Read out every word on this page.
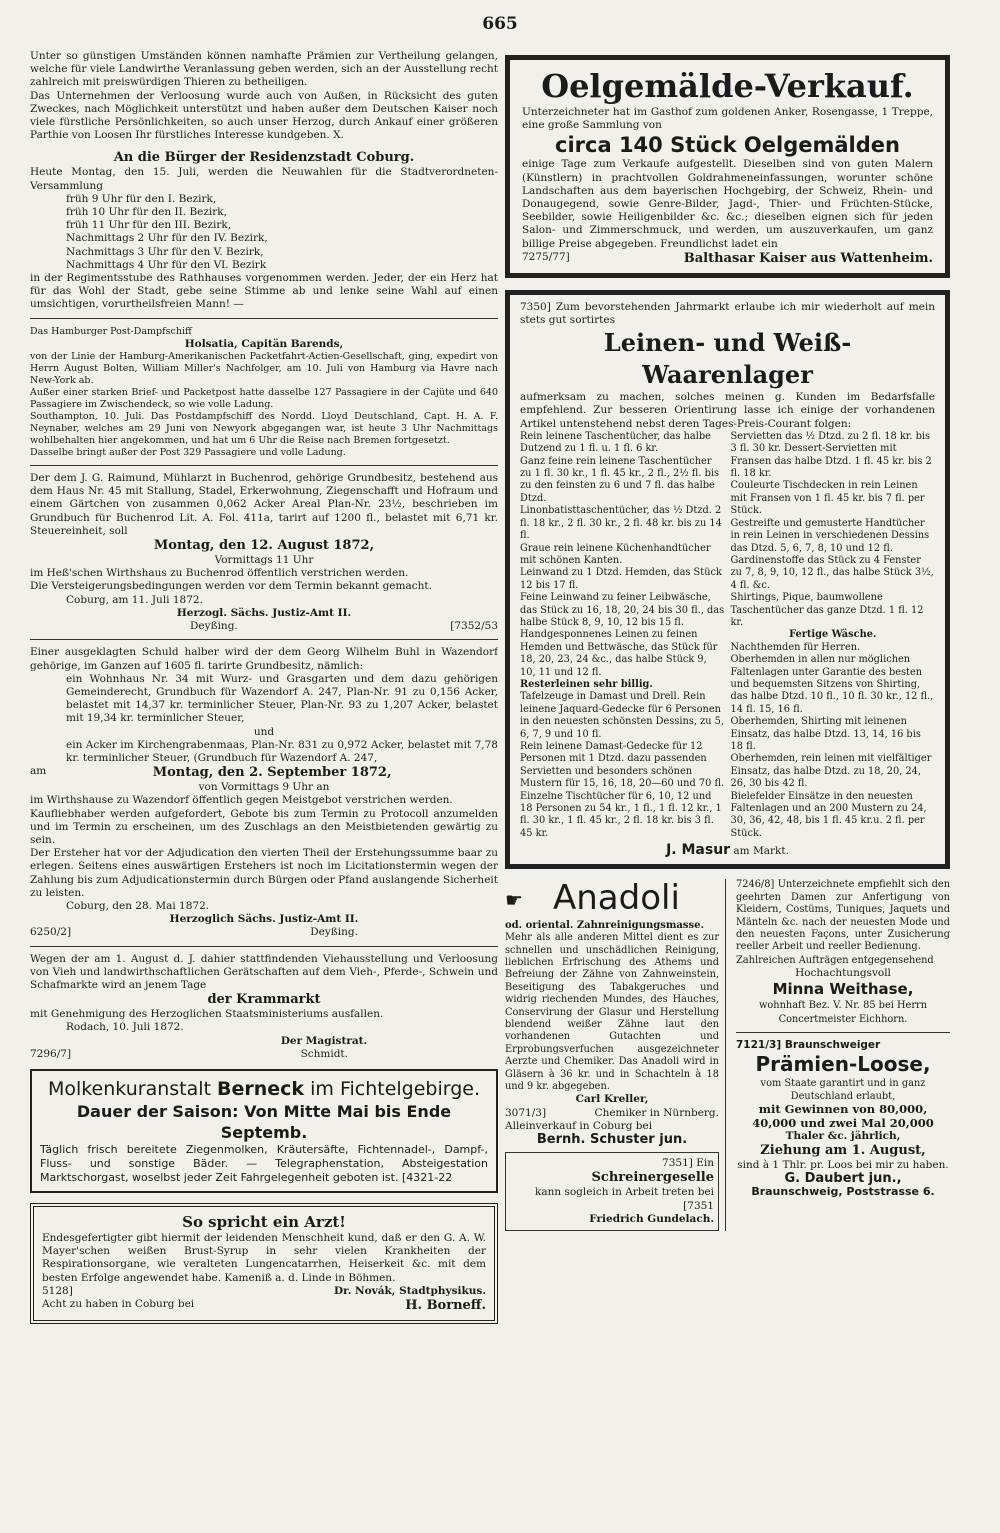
665

Unter so günstigen Umständen können namhafte Prämien zur Vertheilung gelangen, welche für viele Landwirthe Veranlassung geben werden, sich an der Ausstellung recht zahlreich mit preiswürdigen Thieren zu betheiligen.

Das Unternehmen der Verloosung wurde auch von Außen, in Rücksicht des guten Zweckes, nach Möglichkeit unterstützt und haben außer dem Deutschen Kaiser noch viele fürstliche Persönlichkeiten, so auch unser Herzog, durch Ankauf einer größeren Parthie von Loosen Ihr fürstliches Interesse kundgeben. X.

An die Bürger der Residenzstadt Coburg.

Heute Montag, den 15. Juli, werden die Neuwahlen für die Stadtverordneten-Versammlung

früh 9 Uhr für den I. Bezirk,

früh 10 Uhr für den II. Bezirk,

früh 11 Uhr für den III. Bezirk,

Nachmittags 2 Uhr für den IV. Bezirk,

Nachmittags 3 Uhr für den V. Bezirk,

Nachmittags 4 Uhr für den VI. Bezirk

in der Regimentsstube des Rathhauses vorgenommen werden. Jeder, der ein Herz hat für das Wohl der Stadt, gebe seine Stimme ab und lenke seine Wahl auf einen umsichtigen, vorurtheilsfreien Mann! —

Das Hamburger Post-Dampfschiff

Holsatia, Capitän Barends,

von der Linie der Hamburg-Amerikanischen Packetfahrt-Actien-Gesellschaft, ging, expedirt von Herrn August Bolten, William Miller's Nachfolger, am 10. Juli von Hamburg via Havre nach New-York ab.

Außer einer starken Brief- und Packetpost hatte dasselbe 127 Passagiere in der Cajüte und 640 Passagiere im Zwischendeck, so wie volle Ladung.

Southampton, 10. Juli. Das Postdampfschiff des Nordd. Lloyd Deutschland, Capt. H. A. F. Neynaber, welches am 29 Juni von Newyork abgegangen war, ist heute 3 Uhr Nachmittags wohlbehalten hier angekommen, und hat um 6 Uhr die Reise nach Bremen fortgesetzt.

Dasselbe bringt außer der Post 329 Passagiere und volle Ladung.

Der dem J. G. Raimund, Mühlarzt in Buchenrod, gehörige Grundbesitz, bestehend aus dem Haus Nr. 45 mit Stallung, Stadel, Erkerwohnung, Ziegenschafft und Hofraum und einem Gärtchen von zusammen 0,062 Acker Areal Plan-Nr. 23½, beschrieben im Grundbuch für Buchenrod Lit. A. Fol. 411a, tarirt auf 1200 fl., belastet mit 6,71 kr. Steuereinheit, soll

Montag, den 12. August 1872,

Vormittags 11 Uhr

im Heß'schen Wirthshaus zu Buchenrod öffentlich verstrichen werden.

Die Versteigerungsbedingungen werden vor dem Termin bekannt gemacht.

Coburg, am 11. Juli 1872.

Herzogl. Sächs. Justiz-Amt II.

Deyßing.	[7352/53

Einer ausgeklagten Schuld halber wird der dem Georg Wilhelm Buhl in Wazendorf gehörige, im Ganzen auf 1605 fl. tarirte Grundbesitz, nämlich:

ein Wohnhaus Nr. 34 mit Wurz- und Grasgarten und dem dazu gehörigen Gemeinderecht, Grundbuch für Wazendorf A. 247, Plan-Nr. 91 zu 0,156 Acker, belastet mit 14,37 kr. terminlicher Steuer, Plan-Nr. 93 zu 1,207 Acker, belastet mit 19,34 kr. terminlicher Steuer,

und

ein Acker im Kirchengrabenmaas, Plan-Nr. 831 zu 0,972 Acker, belastet mit 7,78 kr. terminlicher Steuer, (Grundbuch für Wazendorf A. 247,

am	Montag, den 2. September 1872,

von Vormittags 9 Uhr an

im Wirthshause zu Wazendorf öffentlich gegen Meistgebot verstrichen werden.

Kaufliebhaber werden aufgefordert, Gebote bis zum Termin zu Protocoll anzumelden und im Termin zu erscheinen, um des Zuschlags an den Meistbietenden gewärtig zu sein.

Der Ersteher hat vor der Adjudication den vierten Theil der Erstehungssumme baar zu erlegen. Seitens eines auswärtigen Erstehers ist noch im Licitationstermin wegen der Zahlung bis zum Adjudicationstermin durch Bürgen oder Pfand auslangende Sicherheit zu leisten.

Coburg, den 28. Mai 1872.

Herzoglich Sächs. Justiz-Amt II.

6250/2]	Deyßing.

Wegen der am 1. August d. J. dahier stattfindenden Viehausstellung und Verloosung von Vieh und landwirthschaftlichen Gerätschaften auf dem Vieh-, Pferde-, Schwein und Schafmarkte wird an jenem Tage

der Krammarkt

mit Genehmigung des Herzoglichen Staatsministeriums ausfallen.

Rodach, 10. Juli 1872.

Der Magistrat.

7296/7]	Schmidt.

Molkenkuranstalt Berneck im Fichtelgebirge.

Dauer der Saison: Von Mitte Mai bis Ende Septemb.

Täglich frisch bereitete Ziegenmolken, Kräutersäfte, Fichtennadel-, Dampf-, Fluss- und sonstige Bäder. — Telegraphenstation, Absteigestation Marktschorgast, woselbst jeder Zeit Fahrgelegenheit geboten ist. [4321-22

So spricht ein Arzt!

Endesgefertigter gibt hiermit der leidenden Menschheit kund, daß er den G. A. W. Mayer'schen weißen Brust-Syrup in sehr vielen Krankheiten der Respirationsorgane, wie veralteten Lungencatarrhen, Heiserkeit &c. mit dem besten Erfolge angewendet habe. Kameniß a. d. Linde in Böhmen.

5128]	Dr. Novák, Stadtphysikus.
Acht zu haben in Coburg bei	H. Borneff.

Oelgemälde-Verkauf.

Unterzeichneter hat im Gasthof zum goldenen Anker, Rosengasse, 1 Treppe, eine große Sammlung von

circa 140 Stück Oelgemälden

einige Tage zum Verkaufe aufgestellt. Dieselben sind von guten Malern (Künstlern) in prachtvollen Goldrahmeneinfassungen, worunter schöne Landschaften aus dem bayerischen Hochgebirg, der Schweiz, Rhein- und Donaugegend, sowie Genre-Bilder, Jagd-, Thier- und Früchten-Stücke, Seebilder, sowie Heiligenbilder &c. &c.; dieselben eignen sich für jeden Salon- und Zimmerschmuck, und werden, um auszuverkaufen, um ganz billige Preise abgegeben. Freundlichst ladet ein

7275/77]	Balthasar Kaiser aus Wattenheim.

7350] Zum bevorstehenden Jahrmarkt erlaube ich mir wiederholt auf mein stets gut sortirtes

Leinen- und Weiß-Waarenlager

aufmerksam zu machen, solches meinen g. Kunden im Bedarfsfalle empfehlend. Zur besseren Orientirung lasse ich einige der vorhandenen Artikel untenstehend nebst deren Tages-Preis-Courant folgen:

Rein leinene Taschentücher, das halbe Dutzend zu 1 fl. u. 1 fl. 6 kr.

Ganz feine rein leinene Taschentücher zu 1 fl. 30 kr., 1 fl. 45 kr., 2 fl., 2½ fl. bis zu den feinsten zu 6 und 7 fl. das halbe Dtzd.

Linonbatisttaschentücher, das ½ Dtzd. 2 fl. 18 kr., 2 fl. 30 kr., 2 fl. 48 kr. bis zu 14 fl.

Graue rein leinene Küchenhandtücher mit schönen Kanten.

Leinwand zu 1 Dtzd. Hemden, das Stück 12 bis 17 fl.

Feine Leinwand zu feiner Leibwäsche, das Stück zu 16, 18, 20, 24 bis 30 fl., das halbe Stück 8, 9, 10, 12 bis 15 fl.

Handgesponnenes Leinen zu feinen Hemden und Bettwäsche, das Stück für 18, 20, 23, 24 &c., das halbe Stück 9, 10, 11 und 12 fl.

Resterleinen sehr billig.

Tafelzeuge in Damast und Drell. Rein leinene Jaquard-Gedecke für 6 Personen in den neuesten schönsten Dessins, zu 5, 6, 7, 9 und 10 fl.

Rein leinene Damast-Gedecke für 12 Personen mit 1 Dtzd. dazu passenden Servietten und besonders schönen Mustern für 15, 16, 18, 20—60 und 70 fl.

Einzelne Tischtücher für 6, 10, 12 und 18 Personen zu 54 kr., 1 fl., 1 fl. 12 kr., 1 fl. 30 kr., 1 fl. 45 kr., 2 fl. 18 kr. bis 3 fl. 45 kr.

Servietten das ½ Dtzd. zu 2 fl. 18 kr. bis 3 fl. 30 kr. Dessert-Servietten mit Fransen das halbe Dtzd. 1 fl. 45 kr. bis 2 fl. 18 kr.

Couleurte Tischdecken in rein Leinen mit Fransen von 1 fl. 45 kr. bis 7 fl. per Stück.

Gestreifte und gemusterte Handtücher in rein Leinen in verschiedenen Dessins das Dtzd. 5, 6, 7, 8, 10 und 12 fl.

Gardinenstoffe das Stück zu 4 Fenster zu 7, 8, 9, 10, 12 fl., das halbe Stück 3½, 4 fl. &c.

Shirtings, Pique, baumwollene Taschentücher das ganze Dtzd. 1 fl. 12 kr.

Fertige Wäsche.

Nachthemden für Herren.

Oberhemden in allen nur möglichen Faltenlagen unter Garantie des besten und bequemsten Sitzens von Shirting, das halbe Dtzd. 10 fl., 10 fl. 30 kr., 12 fl., 14 fl. 15, 16 fl.

Oberhemden, Shirting mit leinenen Einsatz, das halbe Dtzd. 13, 14, 16 bis 18 fl.

Oberhemden, rein leinen mit vielfältiger Einsatz, das halbe Dtzd. zu 18, 20, 24, 26, 30 bis 42 fl.

Bielefelder Einsätze in den neuesten Faltenlagen und an 200 Mustern zu 24, 30, 36, 42, 48, bis 1 fl. 45 kr.u. 2 fl. per Stück.

J. Masur am Markt.

☛ Anadoli

od. oriental. Zahnreinigungsmasse.

Mehr als alle anderen Mittel dient es zur schnellen und unschädlichen Reinigung, lieblichen Erfrischung des Athems und Befreiung der Zähne von Zahnweinstein, Beseitigung des Tabakgeruches und widrig riechenden Mundes, des Hauches, Conservirung der Glasur und Herstellung blendend weißer Zähne laut den vorhandenen Gutachten und Erprobungsverfuchen ausgezeichneter Aerzte und Chemiker. Das Anadoli wird in Gläsern à 36 kr. und in Schachteln à 18 und 9 kr. abgegeben.

Carl Kreller,

3071/3]	Chemiker in Nürnberg.

Alleinverkauf in Coburg bei

Bernh. Schuster jun.

7351] Ein

Schreinergeselle

kann sogleich in Arbeit treten bei [7351

Friedrich Gundelach.

7246/8] Unterzeichnete empfiehlt sich den geehrten Damen zur Anfertigung von Kleidern, Costüms, Tuniques, Jaquets und Mänteln &c. nach der neuesten Mode und den neuesten Façons, unter Zusicherung reeller Arbeit und reeller Bedienung.

Zahlreichen Aufträgen entgegensehend

Hochachtungsvoll

Minna Weithase,

wohnhaft Bez. V. Nr. 85 bei Herrn Concertmeister Eichhorn.

7121/3] Braunschweiger

Prämien-Loose,

vom Staate garantirt und in ganz Deutschland erlaubt,

mit Gewinnen von 80,000, 40,000 und zwei Mal 20,000

Thaler &c. jährlich,

Ziehung am 1. August,

sind à 1 Thlr. pr. Loos bei mir zu haben.

G. Daubert jun.,

Braunschweig, Poststrasse 6.
